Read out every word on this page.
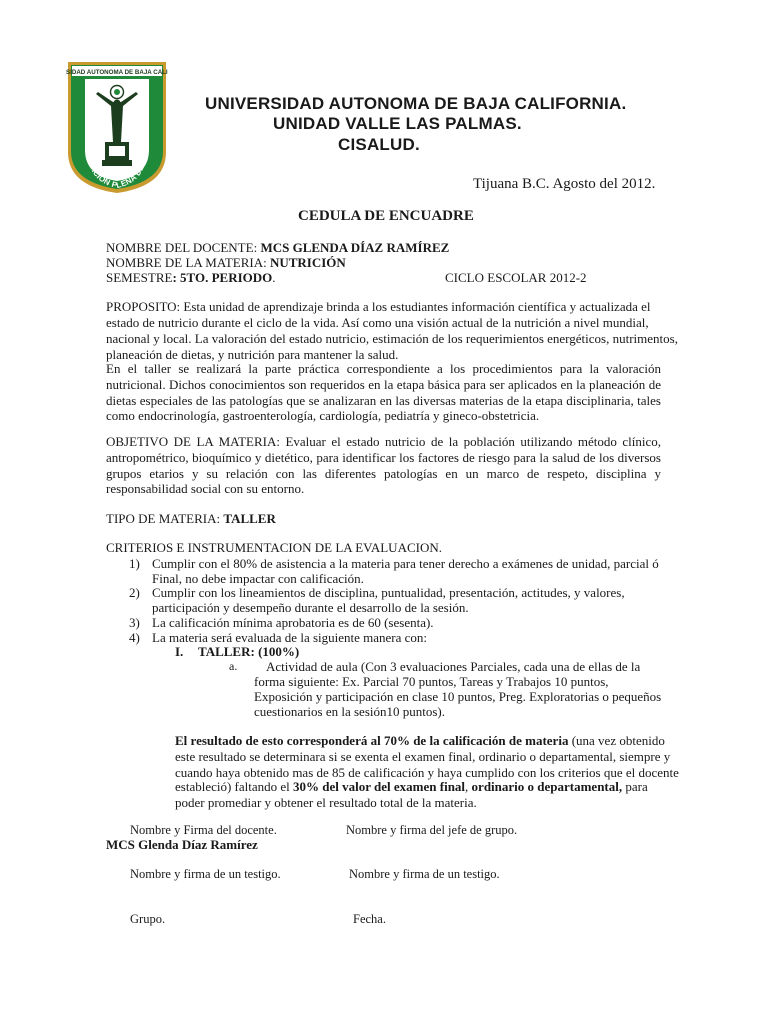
SIDAD AUTONOMA DE BAJA CALI
POR LA REALIZACION PLENA DEL HOMBRE
UNIVERSIDAD AUTONOMA DE BAJA CALIFORNIA.
UNIDAD VALLE LAS PALMAS.
CISALUD.
Tijuana B.C. Agosto del 2012.
CEDULA DE ENCUADRE
NOMBRE DEL DOCENTE: MCS GLENDA DÍAZ RAMÍREZ
NOMBRE DE LA MATERIA: NUTRICIÓN
SEMESTRE: 5TO. PERIODO.	CICLO ESCOLAR 2012-2
PROPOSITO: Esta unidad de aprendizaje brinda a los estudiantes información científica y actualizada el
estado de nutricio durante el ciclo de la vida. Así como una visión actual de la nutrición a nivel mundial,
nacional y local. La valoración del estado nutricio, estimación de los requerimientos energéticos, nutrimentos,
planeación de dietas, y nutrición para mantener la salud.
En el taller se realizará la parte práctica correspondiente a los procedimientos para la valoración nutricional. Dichos conocimientos son requeridos en la etapa básica para ser aplicados en la planeación de dietas especiales de las patologías que se analizaran en las diversas materias de la etapa disciplinaria, tales como endocrinología, gastroenterología, cardiología, pediatría y gineco-obstetricia.
OBJETIVO DE LA MATERIA: Evaluar el estado nutricio de la población utilizando método clínico, antropométrico, bioquímico y dietético, para identificar los factores de riesgo para la salud de los diversos grupos etarios y su relación con las diferentes patologías en un marco de respeto, disciplina y responsabilidad social con su entorno.
TIPO DE MATERIA: TALLER
CRITERIOS E INSTRUMENTACION DE LA EVALUACION.
1) Cumplir con el 80% de asistencia a la materia para tener derecho a exámenes de unidad, parcial ó
Final, no debe impactar con calificación.
2) Cumplir con los lineamientos de disciplina, puntualidad, presentación, actitudes, y valores,
participación y desempeño durante el desarrollo de la sesión.
3) La calificación mínima aprobatoria es de 60 (sesenta).
4) La materia será evaluada de la siguiente manera con:
I. TALLER: (100%)
a. Actividad de aula (Con 3 evaluaciones Parciales, cada una de ellas de la
forma siguiente: Ex. Parcial 70 puntos, Tareas y Trabajos 10 puntos,
Exposición y participación en clase 10 puntos, Preg. Exploratorias o pequeños
cuestionarios en la sesión10 puntos).
El resultado de esto corresponderá al 70% de la calificación de materia (una vez obtenido
este resultado se determinara si se exenta el examen final, ordinario o departamental, siempre y
cuando haya obtenido mas de 85 de calificación y haya cumplido con los criterios que el docente
estableció) faltando el 30% del valor del examen final, ordinario o departamental, para
poder promediar y obtener el resultado total de la materia.
Nombre y Firma del docente.	Nombre y firma del jefe de grupo.
MCS Glenda Díaz Ramírez
Nombre y firma de un testigo.	Nombre y firma de un testigo.
Grupo.	Fecha.
